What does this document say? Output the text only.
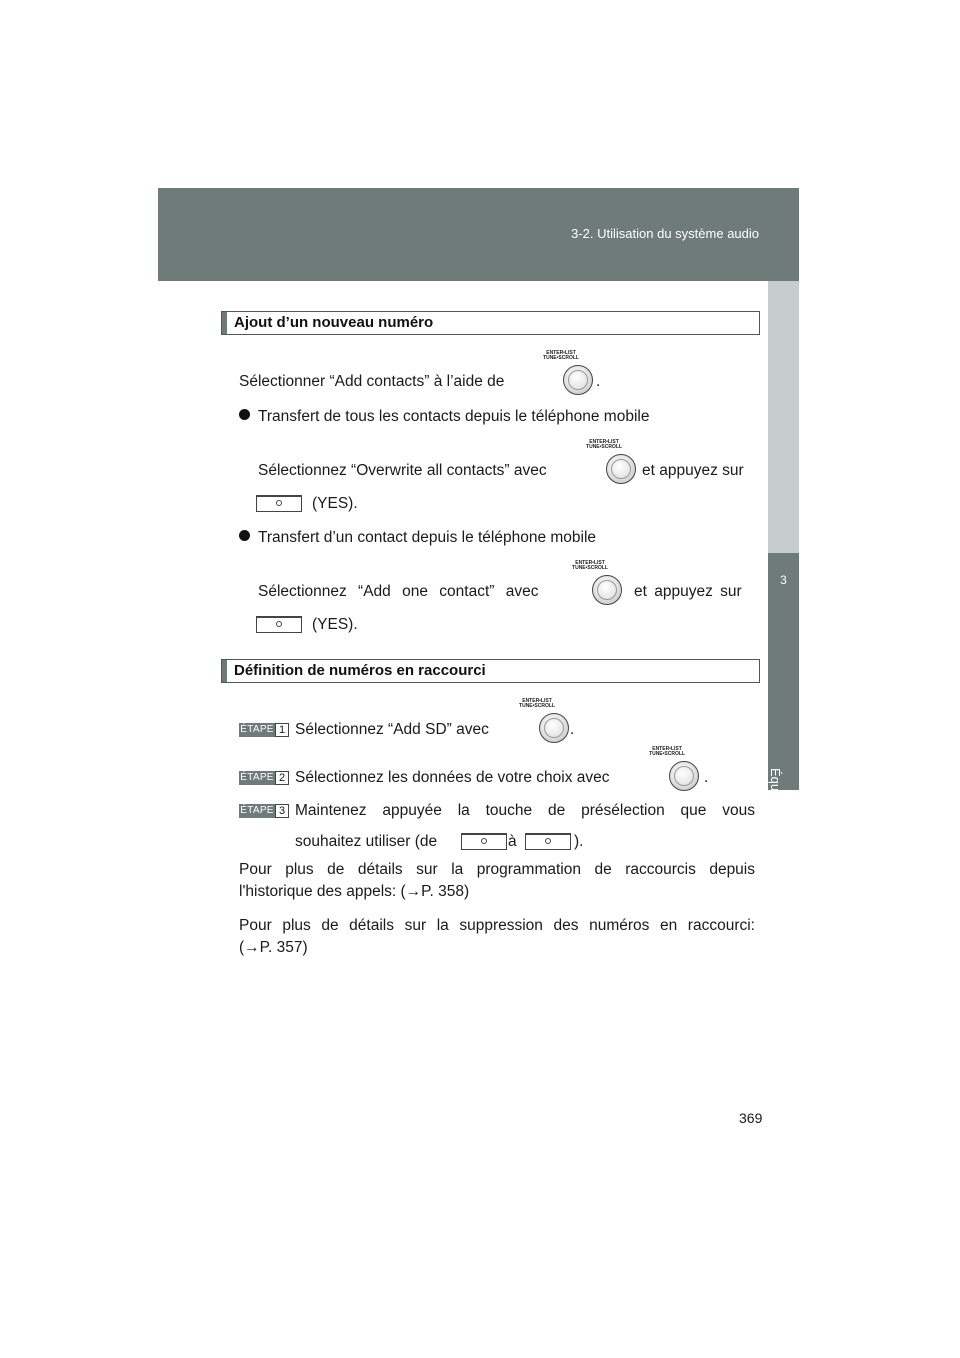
3-2. Utilisation du système audio
3
Équipements intérieurs
Ajout d’un nouveau numéro
Sélectionner “Add contacts” à l’aide de
ENTER•LIST
TUNE•SCROLL
.
Transfert de tous les contacts depuis le téléphone mobile
Sélectionnez “Overwrite all contacts” avec
ENTER•LIST
TUNE•SCROLL
et appuyez sur
(YES).
Transfert d’un contact depuis le téléphone mobile
Sélectionnez “Add one contact” avec
ENTER•LIST
TUNE•SCROLL
et appuyez sur
(YES).
Définition de numéros en raccourci
ÉTAPE 1 Sélectionnez “Add SD” avec
ENTER•LIST
TUNE•SCROLL
.
ÉTAPE 2 Sélectionnez les données de votre choix avec
ENTER•LIST
TUNE•SCROLL
.
ÉTAPE 3 Maintenez appuyée la touche de présélection que vous
souhaitez utiliser (de	à	).
Pour plus de détails sur la programmation de raccourcis depuis
l'historique des appels: (→P. 358)
Pour plus de détails sur la suppression des numéros en raccourci:
(→P. 357)
369
